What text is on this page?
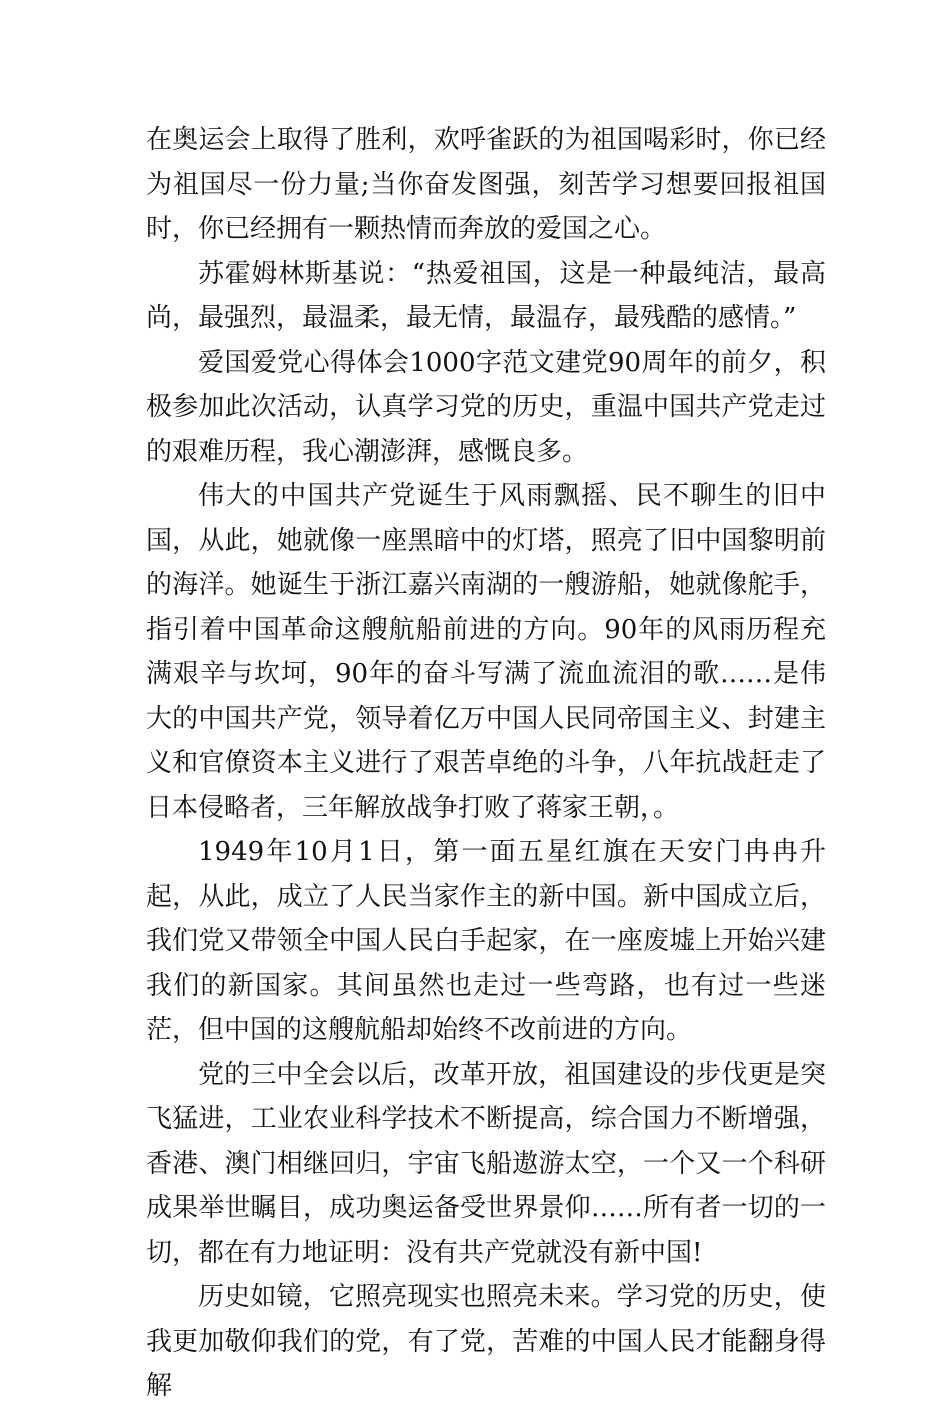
在奥运会上取得了胜利，欢呼雀跃的为祖国喝彩时，你已经为祖国尽一份力量;当你奋发图强，刻苦学习想要回报祖国时，你已经拥有一颗热情而奔放的爱国之心。

苏霍姆林斯基说：“热爱祖国，这是一种最纯洁，最高尚，最强烈，最温柔，最无情，最温存，最残酷的感情。”

爱国爱党心得体会1000字范文建党90周年的前夕，积极参加此次活动，认真学习党的历史，重温中国共产党走过的艰难历程，我心潮澎湃，感慨良多。

伟大的中国共产党诞生于风雨飘摇、民不聊生的旧中国，从此，她就像一座黑暗中的灯塔，照亮了旧中国黎明前的海洋。她诞生于浙江嘉兴南湖的一艘游船，她就像舵手，指引着中国革命这艘航船前进的方向。90年的风雨历程充满艰辛与坎坷，90年的奋斗写满了流血流泪的歌……是伟大的中国共产党，领导着亿万中国人民同帝国主义、封建主义和官僚资本主义进行了艰苦卓绝的斗争，八年抗战赶走了日本侵略者，三年解放战争打败了蒋家王朝，。

1949年10月1日，第一面五星红旗在天安门冉冉升起，从此，成立了人民当家作主的新中国。新中国成立后，我们党又带领全中国人民白手起家，在一座废墟上开始兴建我们的新国家。其间虽然也走过一些弯路，也有过一些迷茫，但中国的这艘航船却始终不改前进的方向。

党的三中全会以后，改革开放，祖国建设的步伐更是突飞猛进，工业农业科学技术不断提高，综合国力不断增强，香港、澳门相继回归，宇宙飞船遨游太空，一个又一个科研成果举世瞩目，成功奥运备受世界景仰……所有者一切的一切，都在有力地证明：没有共产党就没有新中国!

历史如镜，它照亮现实也照亮未来。学习党的历史，使我更加敬仰我们的党，有了党，苦难的中国人民才能翻身得解
